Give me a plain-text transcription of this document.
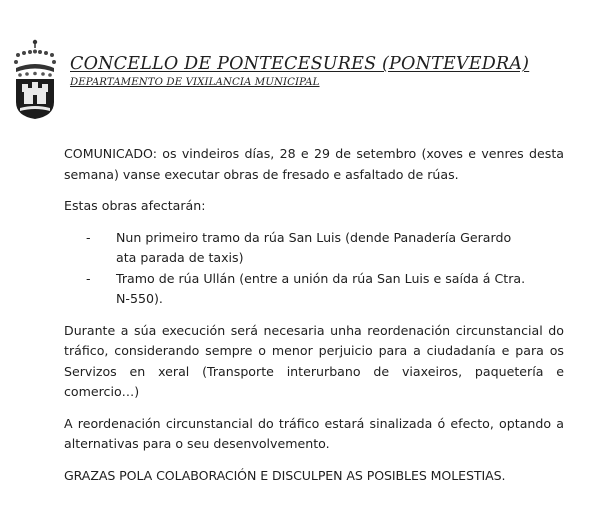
CONCELLO DE PONTECESURES (PONTEVEDRA)
DEPARTAMENTO DE VIXILANCIA MUNICIPAL

COMUNICADO: os vindeiros días, 28 e 29 de setembro (xoves e venres desta semana) vanse executar obras de fresado e asfaltado de rúas.

Estas obras afectarán:

- Nun primeiro tramo da rúa San Luis (dende Panadería Gerardo ata parada de taxis)
- Tramo de rúa Ullán (entre a unión da rúa San Luis e saída á Ctra. N-550).

Durante a súa execución será necesaria unha reordenación circunstancial do tráfico, considerando sempre o menor perjuicio para a ciudadanía e para os Servizos en xeral (Transporte interurbano de viaxeiros, paquetería e comercio…)

A reordenación circunstancial do tráfico estará sinalizada ó efecto, optando a alternativas para o seu desenvolvemento.

GRAZAS POLA COLABORACIÓN E DISCULPEN AS POSIBLES MOLESTIAS.
